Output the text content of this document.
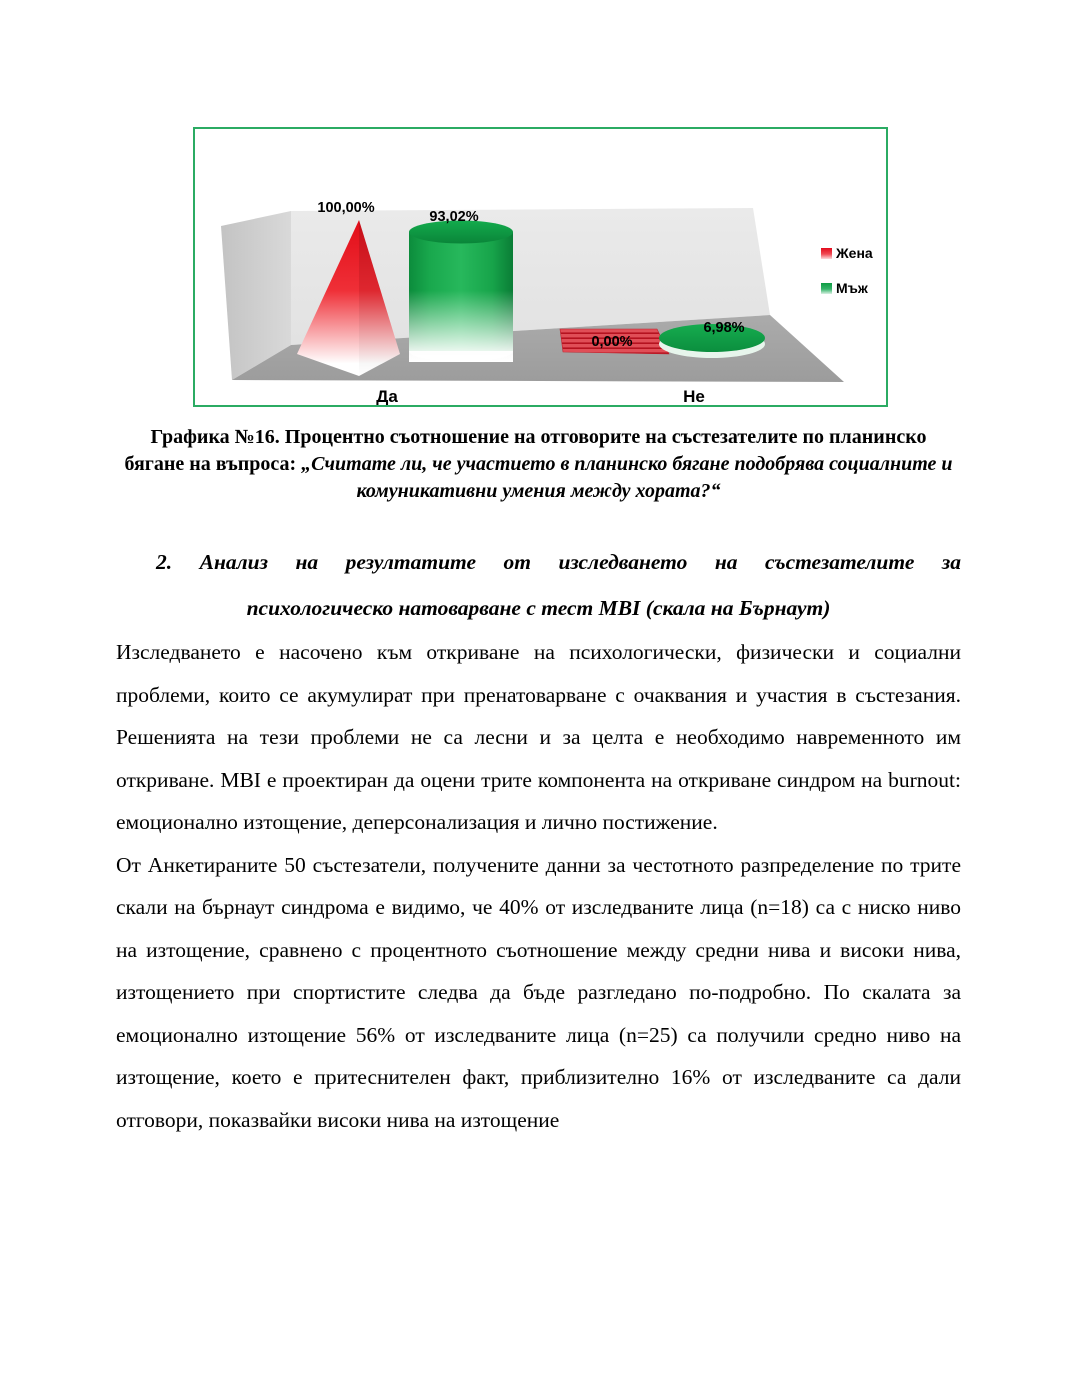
100,00%
93,02%
0,00%
6,98%
Да	Не
Жена
Мъж
Графика №16. Процентно съотношение на отговорите на състезателите по планинско бягане на въпроса: „Считате ли, че участието в планинско бягане подобрява социалните и комуникативни умения между хората?“
2. Анализ на резултатите от изследването на състезателите за
психологическо натоварване с тест MBI (скала на Бърнаут)

Изследването е насочено към откриване на психологически, физически и социални проблеми, които се акумулират при пренатоварване с очаквания и участия в състезания. Решенията на тези проблеми не са лесни и за целта е необходимо навременното им откриване. MBI е проектиран да оцени трите компонента на откриване синдром на burnout: емоционално изтощение, деперсонализация и лично постижение.

От Анкетираните 50 състезатели, получените данни за честотното разпределение по трите скали на бърнаут синдрома е видимо, че 40% от изследваните лица (n=18) са с ниско ниво на изтощение, сравнено с процентното съотношение между средни нива и високи нива, изтощението при спортистите следва да бъде разгледано по-подробно. По скалата за емоционално изтощение 56% от изследваните лица (n=25) са получили средно ниво на изтощение, което е притеснителен факт, приблизително 16% от изследваните са дали отговори, показвайки високи нива на изтощение
